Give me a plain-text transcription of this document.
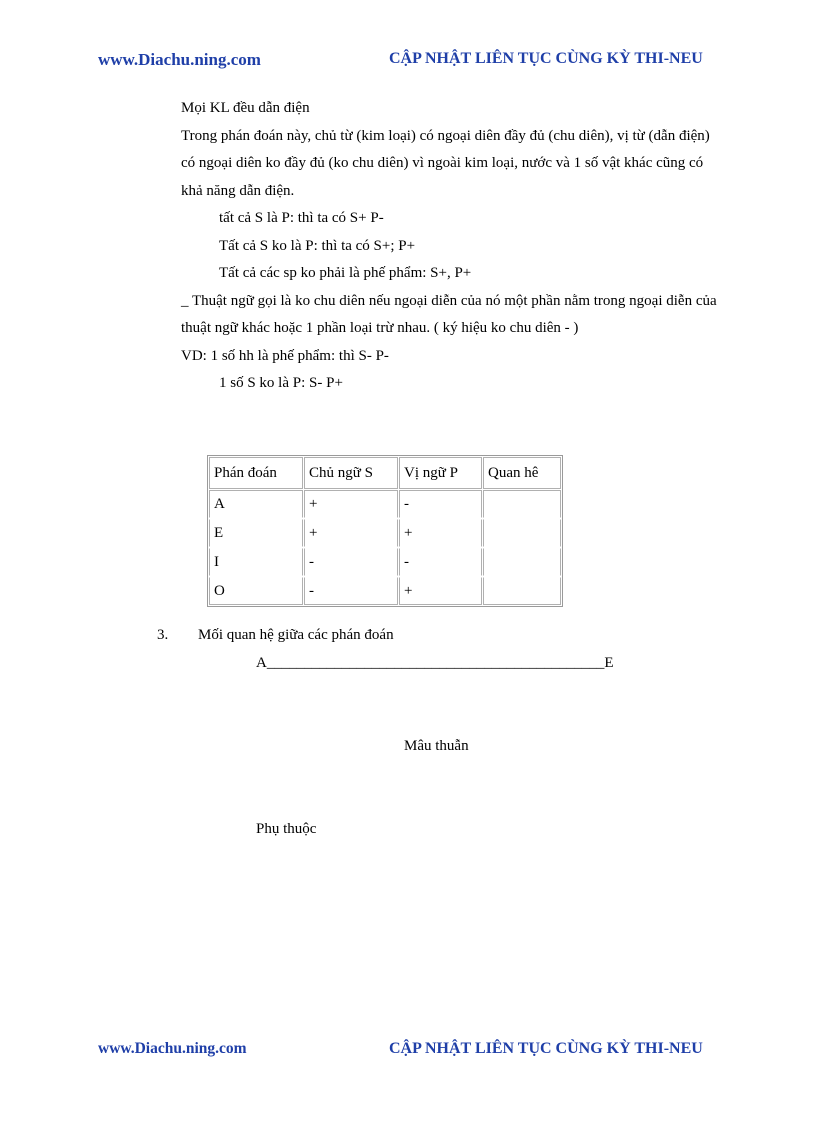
www.Diachu.ning.com	CẬP NHẬT LIÊN TỤC CÙNG KỲ THI-NEU

Mọi KL đều dẫn điện

Trong phán đoán này, chủ từ (kim loại) có ngoại diên đầy đủ (chu diên), vị từ (dẫn điện) có ngoại diên ko đầy đủ (ko chu diên) vì ngoài kim loại, nước và 1 số vật khác cũng có khả năng dẫn điện.

tất cả S là P: thì ta có S+ P-

Tất cả S ko là P: thì ta có S+; P+

Tất cả các sp ko phải là phế phẩm: S+, P+

_ Thuật ngữ gọi là ko chu diên nếu ngoại diễn của nó một phần nằm trong ngoại diễn của thuật ngữ khác hoặc 1 phần loại trừ nhau. ( ký hiệu ko chu diên - )

VD: 1 số hh là phế phẩm: thì S- P-

1 số S ko là P: S- P+

Phán đoán	Chủ ngữ S	Vị ngữ P	Quan hê
A	+	-	
E	+	+	
I	-	-	
O	-	+	
3. Mối quan hệ giữa các phán đoán
A_____________________________________________E
Mâu thuẫn
Phụ thuộc
www.Diachu.ning.com	CẬP NHẬT LIÊN TỤC CÙNG KỲ THI-NEU
